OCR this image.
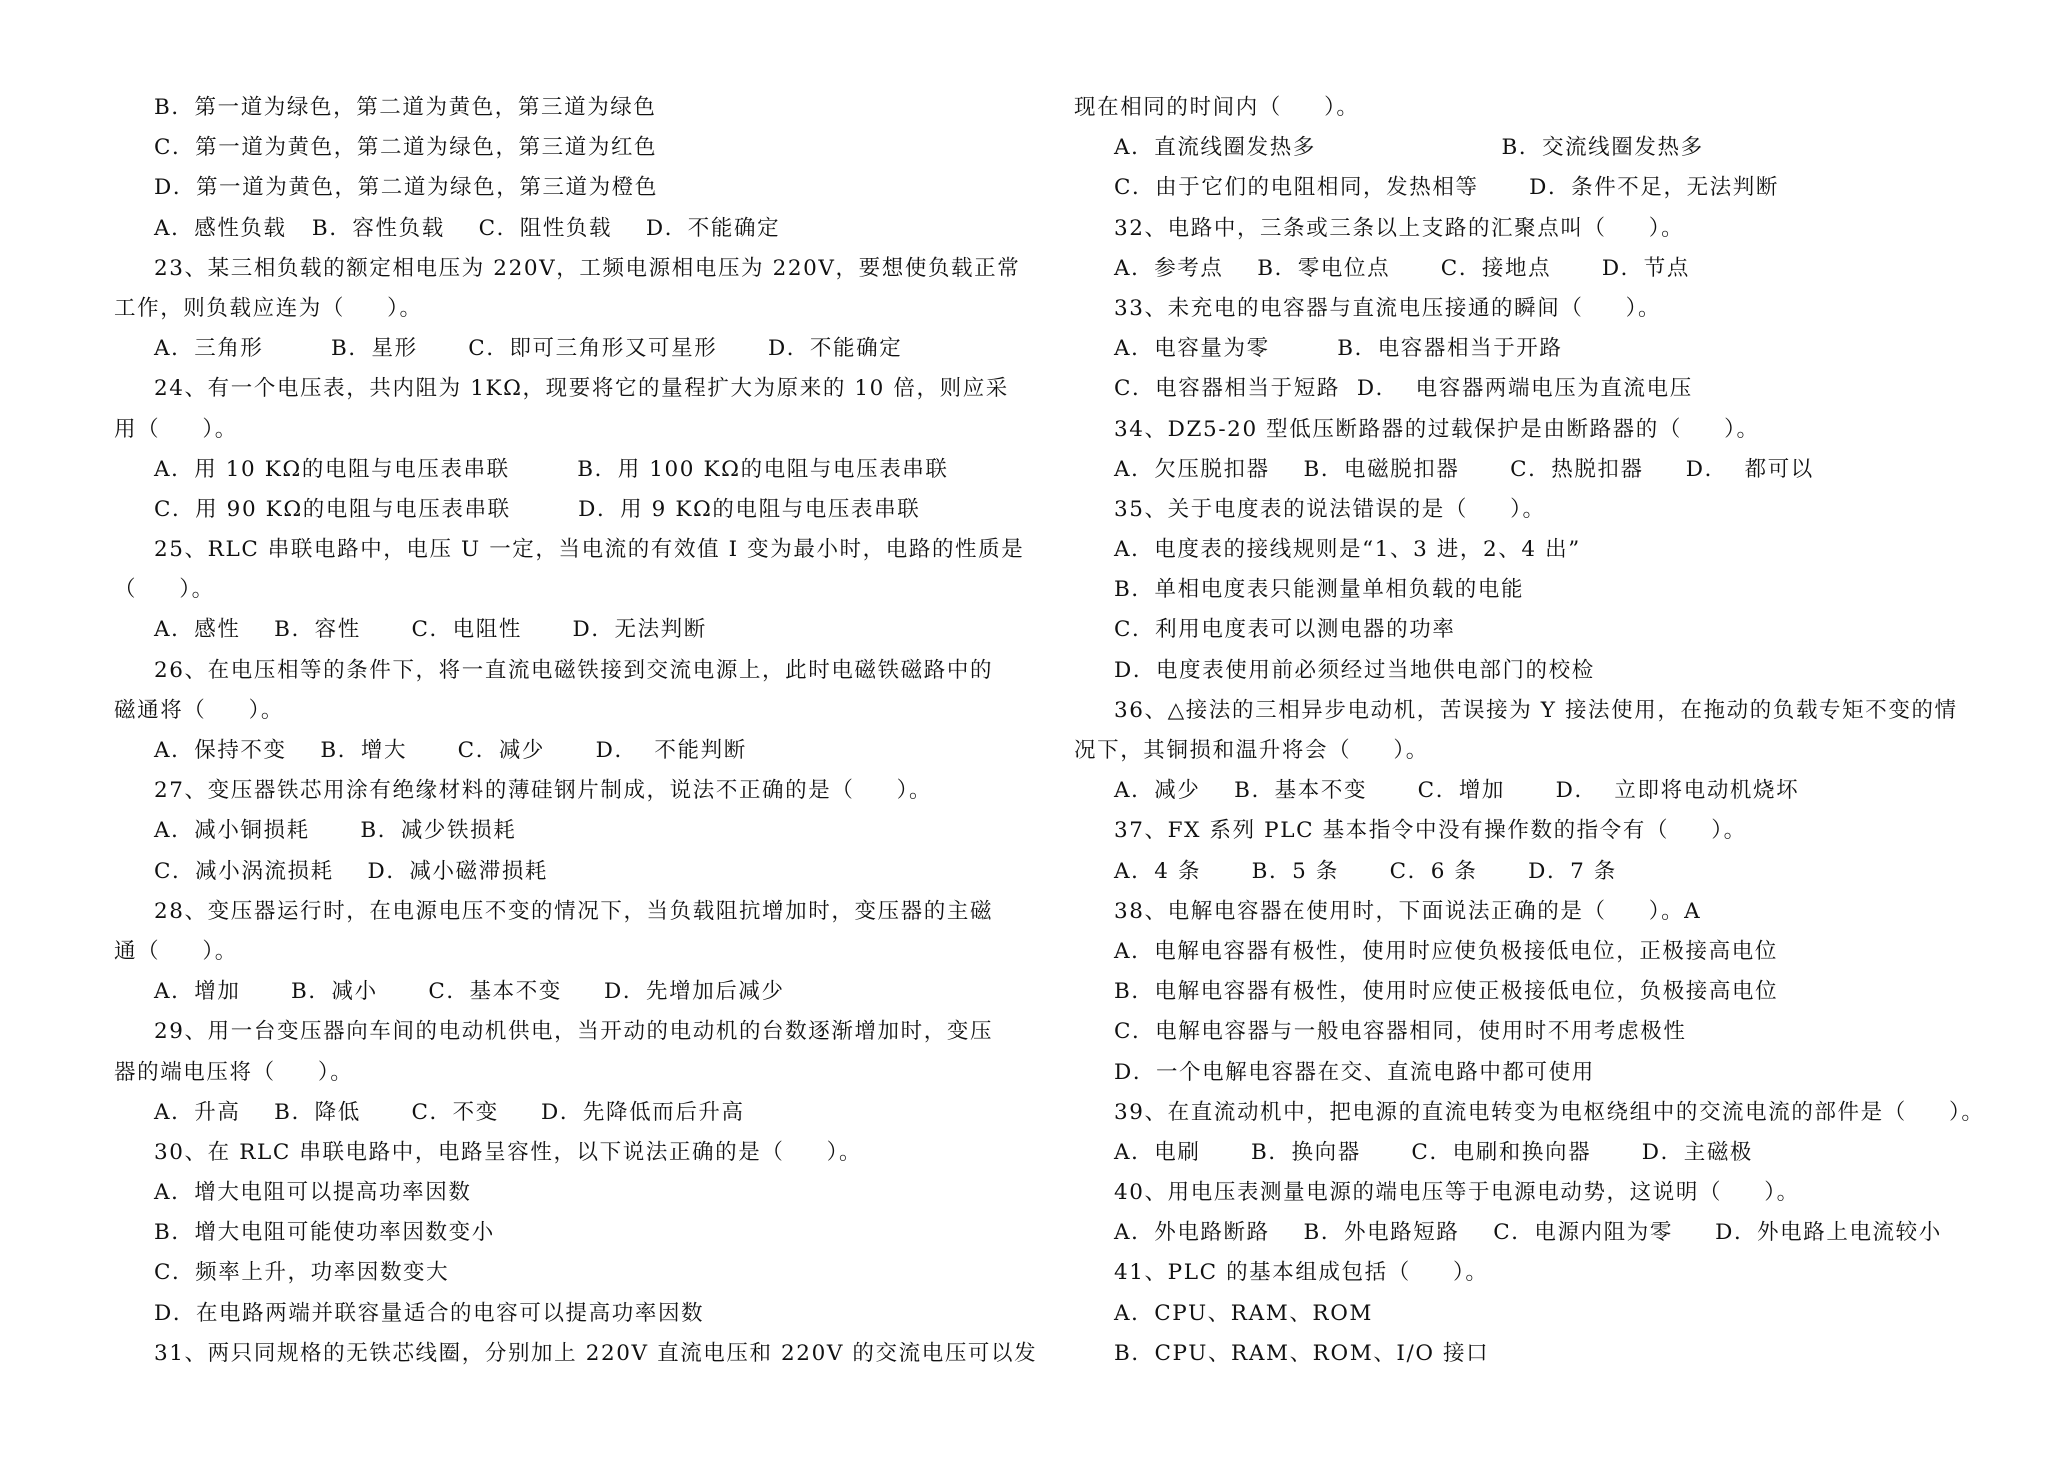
B．第一道为绿色，第二道为黄色，第三道为绿色
C．第一道为黄色，第二道为绿色，第三道为红色
D．第一道为黄色，第二道为绿色，第三道为橙色
A．感性负载   B．容性负载    C．阻性负载    D．不能确定
23、某三相负载的额定相电压为 220V，工频电源相电压为 220V，要想使负载正常
工作，则负载应连为（     ）。
A．三角形        B．星形      C．即可三角形又可星形      D．不能确定
24、有一个电压表，共内阻为 1KΩ，现要将它的量程扩大为原来的 10 倍，则应采
用（     ）。
A．用 10 KΩ的电阻与电压表串联        B．用 100 KΩ的电阻与电压表串联
C．用 90 KΩ的电阻与电压表串联        D．用 9 KΩ的电阻与电压表串联
25、RLC 串联电路中，电压 U 一定，当电流的有效值 I 变为最小时，电路的性质是
（     ）。
A．感性    B．容性      C．电阻性      D．无法判断
26、在电压相等的条件下，将一直流电磁铁接到交流电源上，此时电磁铁磁路中的
磁通将（     ）。
A．保持不变    B．增大      C．减少      D．  不能判断
27、变压器铁芯用涂有绝缘材料的薄硅钢片制成，说法不正确的是（     ）。
A．减小铜损耗      B．减少铁损耗
C．减小涡流损耗    D．减小磁滞损耗
28、变压器运行时，在电源电压不变的情况下，当负载阻抗增加时，变压器的主磁
通（     ）。
A．增加      B．减小      C．基本不变     D．先增加后减少
29、用一台变压器向车间的电动机供电，当开动的电动机的台数逐渐增加时，变压
器的端电压将（     ）。
A．升高    B．降低      C．不变     D．先降低而后升高
30、在 RLC 串联电路中，电路呈容性，以下说法正确的是（     ）。
A．增大电阻可以提高功率因数
B．增大电阻可能使功率因数变小
C．频率上升，功率因数变大
D．在电路两端并联容量适合的电容可以提高功率因数
31、两只同规格的无铁芯线圈，分别加上 220V 直流电压和 220V 的交流电压可以发
现在相同的时间内（     ）。
A．直流线圈发热多                      B．交流线圈发热多
C．由于它们的电阻相同，发热相等      D．条件不足，无法判断
32、电路中，三条或三条以上支路的汇聚点叫（     ）。
A．参考点    B．零电位点      C．接地点      D．节点
33、未充电的电容器与直流电压接通的瞬间（     ）。
A．电容量为零        B．电容器相当于开路
C．电容器相当于短路  D．  电容器两端电压为直流电压
34、DZ5-20 型低压断路器的过载保护是由断路器的（     ）。
A．欠压脱扣器    B．电磁脱扣器      C．热脱扣器     D．  都可以
35、关于电度表的说法错误的是（     ）。
A．电度表的接线规则是“1、3 进，2、4 出”
B．单相电度表只能测量单相负载的电能
C．利用电度表可以测电器的功率
D．电度表使用前必须经过当地供电部门的校检
36、△接法的三相异步电动机，苦误接为 Y 接法使用，在拖动的负载专矩不变的情
况下，其铜损和温升将会（     ）。
A．减少    B．基本不变      C．增加      D．  立即将电动机烧坏
37、FX 系列 PLC 基本指令中没有操作数的指令有（     ）。
A．4 条      B．5 条      C．6 条      D．7 条
38、电解电容器在使用时，下面说法正确的是（     ）。A
A．电解电容器有极性，使用时应使负极接低电位，正极接高电位
B．电解电容器有极性，使用时应使正极接低电位，负极接高电位
C．电解电容器与一般电容器相同，使用时不用考虑极性
D．一个电解电容器在交、直流电路中都可使用
39、在直流动机中，把电源的直流电转变为电枢绕组中的交流电流的部件是（     ）。
A．电刷      B．换向器      C．电刷和换向器      D．主磁极
40、用电压表测量电源的端电压等于电源电动势，这说明（     ）。
A．外电路断路    B．外电路短路    C．电源内阻为零     D．外电路上电流较小
41、PLC 的基本组成包括（     ）。
A．CPU、RAM、ROM
B．CPU、RAM、ROM、I/O 接口
